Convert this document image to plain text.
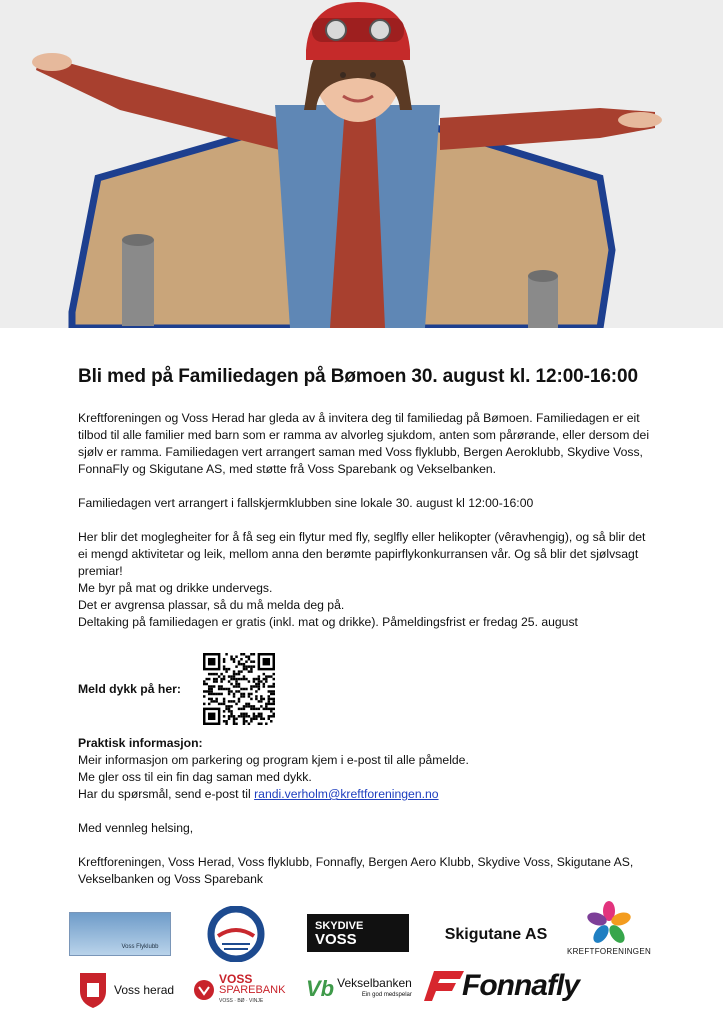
Bli med på Familiedagen på Bømoen 30. august kl. 12:00-16:00

Kreftforeningen og Voss Herad har gleda av å invitera deg til familiedag på Bømoen. Familiedagen er eit tilbod til alle familier med barn som er ramma av alvorleg sjukdom, anten som pårørande, eller dersom dei sjølv er ramma. Familiedagen vert arrangert saman med Voss flyklubb, Bergen Aeroklubb, Skydive Voss, FonnaFly og Skigutane AS, med støtte frå Voss Sparebank og Vekselbanken.

Familiedagen vert arrangert i fallskjermklubben sine lokale 30. august kl 12:00-16:00

Her blir det moglegheiter for å få seg ein flytur med fly, seglfly eller helikopter (vêravhengig), og så blir det ei mengd aktivitetar og leik, mellom anna den berømte papirflykonkurransen vår. Og så blir det sjølvsagt premiar!

Me byr på mat og drikke undervegs.

Det er avgrensa plassar, så du må melda deg på.

Deltaking på familiedagen er gratis (inkl. mat og drikke). Påmeldingsfrist er fredag 25. august

Meld dykk på her:

Praktisk informasjon:

Meir informasjon om parkering og program kjem i e-post til alle påmelde.

Me gler oss til ein fin dag saman med dykk.

Har du spørsmål, send e-post til randi.verholm@kreftforeningen.no

Med vennleg helsing,

Kreftforeningen, Voss Herad, Voss flyklubb, Fonnafly, Bergen Aero Klubb, Skydive Voss, Skigutane AS, Vekselbanken og Voss Sparebank

Voss Flyklubb
SKYDIVE
VOSS	Skigutane AS
KREFTFORENINGEN
Voss herad
VOSS
SPAREBANK
VOSS · BØ · VINJE	Vb Vekselbanken
Ein god medspelar Fonnafly
